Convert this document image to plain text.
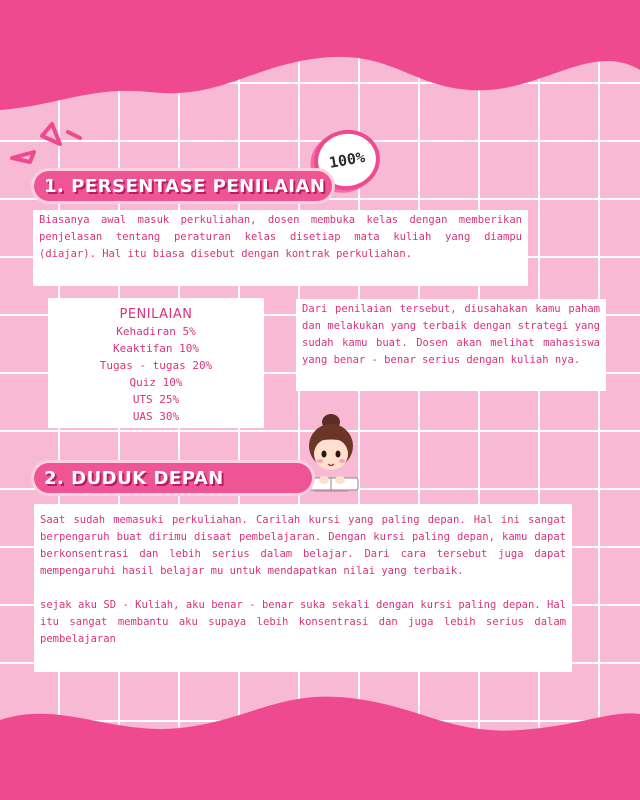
100%
1. PERSENTASE PENILAIAN

Biasanya awal masuk perkuliahan, dosen membuka kelas dengan memberikan penjelasan tentang peraturan kelas disetiap mata kuliah yang diampu (diajar). Hal itu biasa disebut dengan kontrak perkuliahan.

PENILAIAN
Kehadiran 5%
Keaktifan 10%
Tugas - tugas 20%
Quiz 10%
UTS 25%
UAS 30%

Dari penilaian tersebut, diusahakan kamu paham dan melakukan yang terbaik dengan strategi yang sudah kamu buat. Dosen akan melihat mahasiswa yang benar - benar serius dengan kuliah nya.

2. DUDUK DEPAN

Saat sudah memasuki perkuliahan. Carilah kursi yang paling depan. Hal ini sangat berpengaruh buat dirimu disaat pembelajaran. Dengan kursi paling depan, kamu dapat berkonsentrasi dan lebih serius dalam belajar. Dari cara tersebut juga dapat mempengaruhi hasil belajar mu untuk mendapatkan nilai yang terbaik.

sejak aku SD - Kuliah, aku benar - benar suka sekali dengan kursi paling depan. Hal itu sangat membantu aku supaya lebih konsentrasi dan juga lebih serius dalam pembelajaran
